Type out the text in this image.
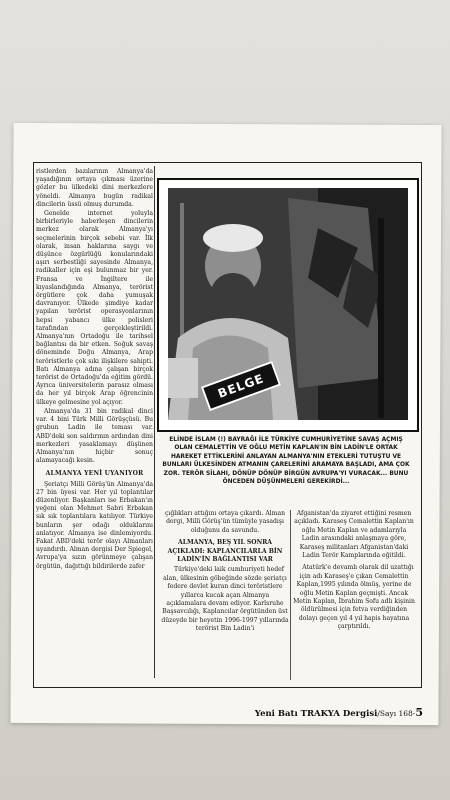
ristlerden bazılarının Almanya'da yaşadığının ortaya çıkması üzerine gözler bu ülkedeki dini merkezlere yöneldi. Almanya bugün radikal dincilerin üssü olmuş durumda.

Genelde internet yoluyla birbirleriyle haberleşen dincilerin merkez olarak Almanya'yı seçmelerinin birçok sebebi var. İlk olarak, insan haklarına saygı ve düşünce özgürlüğü konularındaki aşırı serbestliği sayesinde Almanya, radikaller için eşi bulunmaz bir yer. Fransa ve İngiltere ile kıyaslandığında Almanya, terörist örgütlere çok daha yumuşak davranıyor. Ülkede şimdiye kadar yapılan terörist operasyonlarının hepsi yabancı ülke polisleri tarafından gerçekleştirildi. Almanya'nın Ortadoğu ile tarihsel bağlantısı da bir etken. Soğuk savaş döneminde Doğu Almanya, Arap teröristlerle çok sıkı ilişkilere sahipti. Batı Almanya adına çalışan birçok terörist de Ortadoğu'da eğitim gördü. Ayrıca üniversitelerin parasız olması da her yıl birçok Arap öğrencinin ülkeye gelmesine yol açıyor.

Almanya'da 31 bin radikal dinci var. 4 bini Türk Milli Görüşçüsü. Bu grubun Ladin ile teması var. ABD'deki son saldırının ardından dini merkezleri yasaklamayı düşünen Almanya'nın hiçbir sonuç alamayacağı kesin.

ALMANYA YENİ UYANIYOR

Şeriatçı Milli Görüş'ün Almanya'da 27 bin üyesi var. Her yıl toplantılar düzenliyor. Başkanları ise Erbakan'ın yeğeni olan Mehmet Sabri Erbakan sık sık toplantılara katılıyor. Türkiye bunların şer odağı olduklarını anlatıyor. Almanya ise dinlemiyordu. Fakat ABD'deki terör olayı Almanları uyandırdı. Alman dergisi Der Spiegel, Avrupa'ya sızın görünmeye çalışan örgütün, dağıttığı bildirilerde zafer

BELGE
ELİNDE İSLAM (!) BAYRAĞI İLE TÜRKİYE CUMHURİYETİNE SAVAŞ AÇMIŞ OLAN CEMALETTİN VE OĞLU METİN KAPLAN'IN BİN LADİN'LE ORTAK HAREKET ETTİKLERİNİ ANLAYAN ALMANYA'NIN ETEKLERİ TUTUŞTU VE BUNLARI ÜLKESİNDEN ATMANIN ÇARELERİNİ ARAMAYA BAŞLADI, AMA ÇOK ZOR. TERÖR SİLAHI, DÖNÜP DÖNÜP BİRGÜN AVRUPA'YI VURACAK... BUNU ÖNCEDEN DÜŞÜNMELERİ GEREKİRDİ...

çığlıkları attığını ortaya çıkardı. Alman dergi, Milli Görüş'ün tümüyle yasadışı olduğunu da savundu.

ALMANYA, BEŞ YIL SONRA AÇIKLADI: KAPLANCILARLA BİN LADİN'İN BAĞLANTISI VAR

Türkiye'deki laik cumhuriyeti hedef alan, ülkesinin göbeğinde sözde şeriatçı federe devlet kuran dinci teröristlere yıllarca kucak açan Almanya açıklamalara devam ediyor. Karlsruhe Başsavcılığı, Kaplancılar örgütünden üst düzeyde bir heyetin 1996-1997 yıllarında terörist Bin Ladin'i

Afganistan'da ziyaret ettiğini resmen açıkladı. Karaseş Cemalettin Kaplan'ın oğlu Metin Kaplan ve adamlarıyla Ladin arasındaki anlaşmaya göre, Karaseş militanları Afganistan'daki Ladin Terör Kamplarında eğitildi.

Atatürk'e devamlı olarak dil uzattığı için adı Karaseş'e çıkan Cemalettin Kaplan,1995 yılında ölmüş, yerine de oğlu Metin Kaplan geçmişti. Ancak Metin Kaplan, İbrahim Sofu adlı kişinin öldürülmesi için fetva verdiğinden dolayı geçen yıl 4 yıl hapis hayatına çarptırıldı.

Yeni Batı TRAKYA Dergisi/Sayı 168-5
